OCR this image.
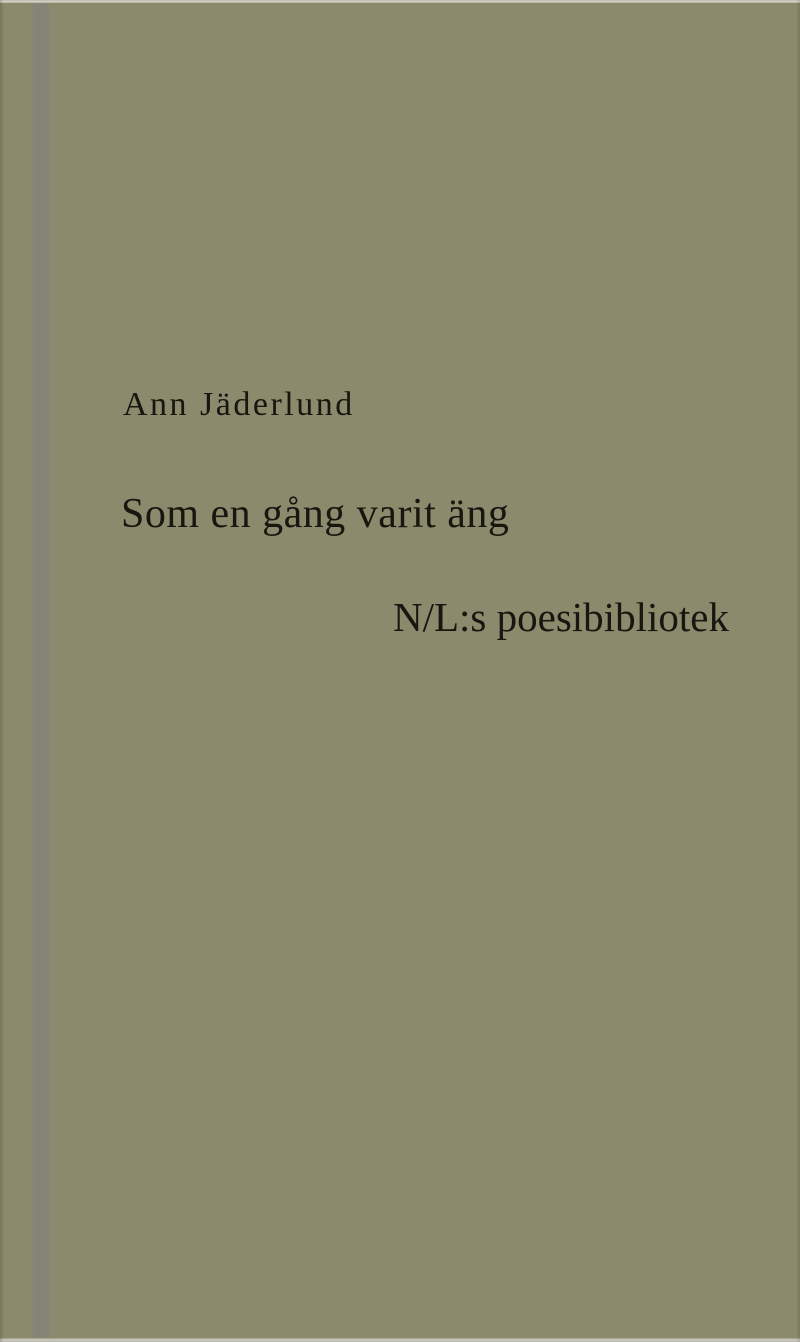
Ann Jäderlund
Som en gång varit äng
N/L:s poesibibliotek
